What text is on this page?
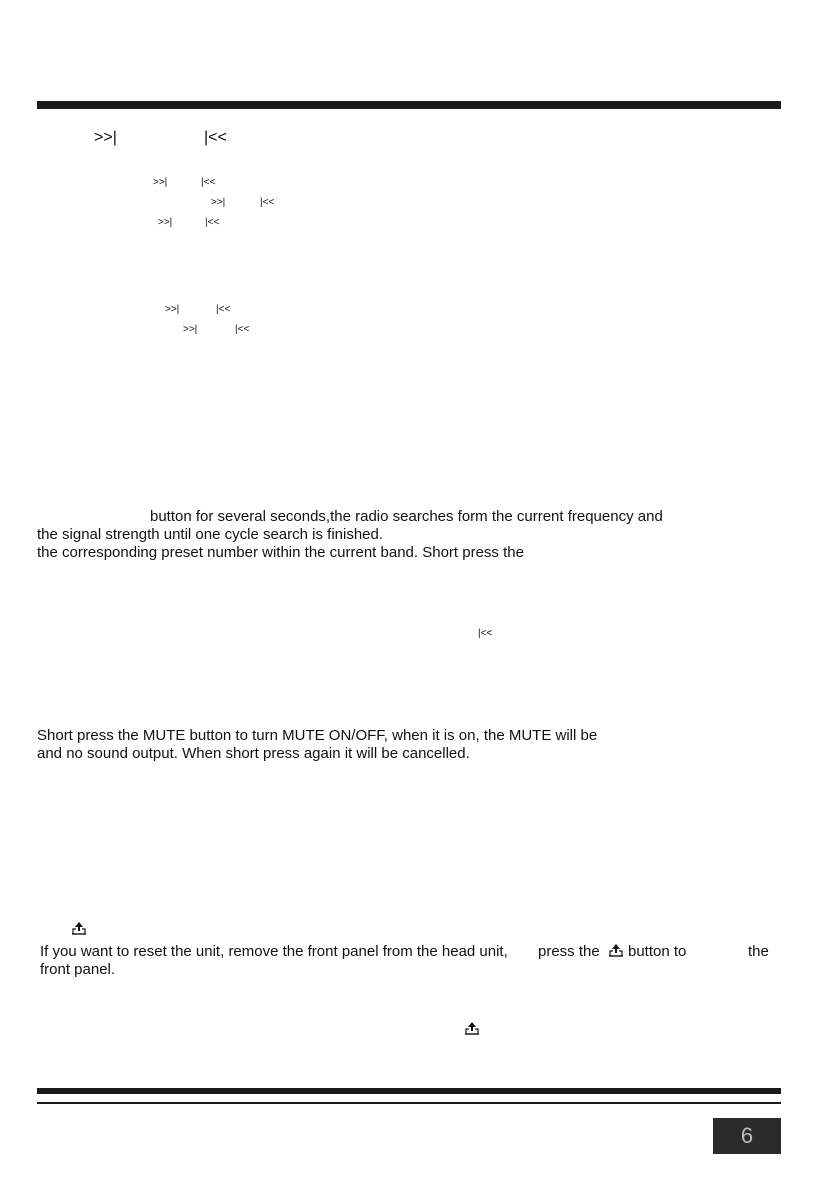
>>|	|<<
>>|	|<<
>>|	|<<
>>|	|<<
>>|	|<<
>>|	|<<
button for several seconds,the radio searches form the current frequency and
the signal strength until one cycle search is finished.
the corresponding preset number within the current band. Short press the
|<<
Short press the MUTE button to turn MUTE ON/OFF, when it is on, the MUTE will be
and no sound output. When short press again it will be cancelled.
If you want to reset the unit, remove the front panel from the head unit, press the button to	the
front panel.
6
